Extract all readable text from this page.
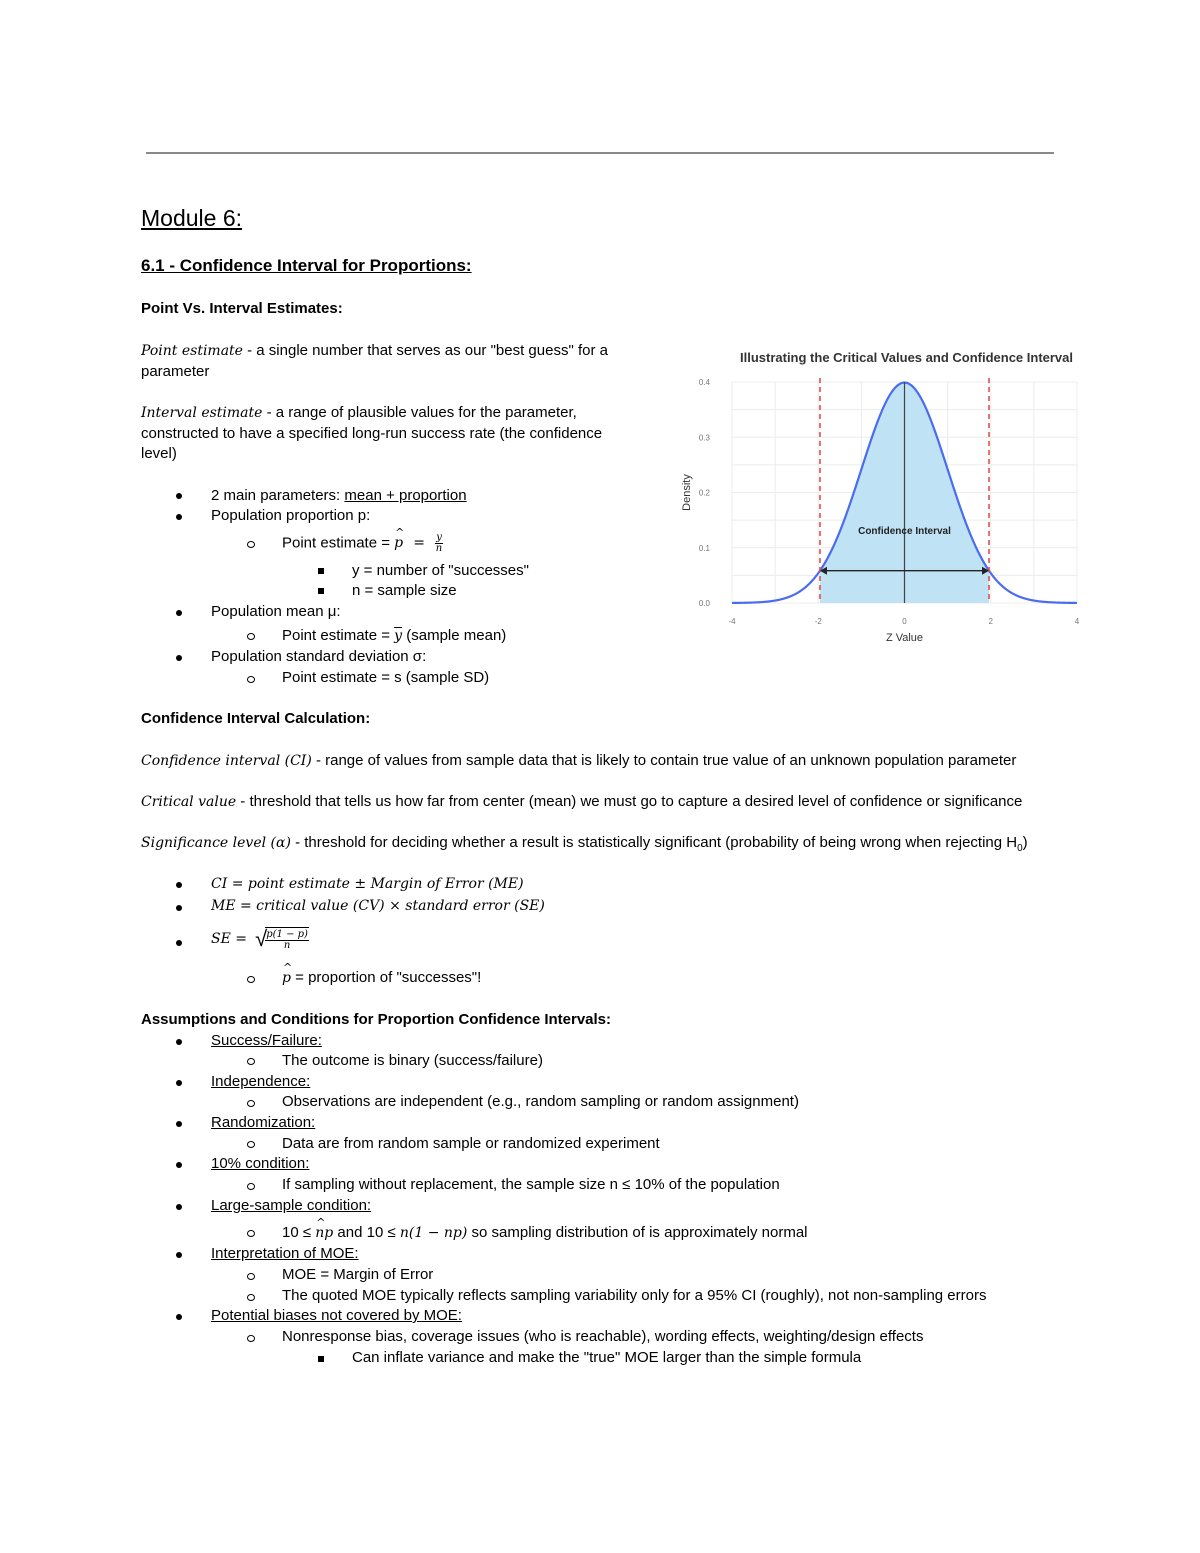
Module 6:
6.1 - Confidence Interval for Proportions:
Point Vs. Interval Estimates:
Point estimate - a single number that serves as our "best guess" for a
parameter
Interval estimate - a range of plausible values for the parameter,
constructed to have a specified long-run success rate (the confidence
level)
2 main parameters: mean + proportion
Population proportion p:
Point estimate = ^ $p = \frac{y}{n}$
y = number of "successes"
n = sample size
Population mean μ:
Point estimate = $\overline{y}$ (sample mean)
Population standard deviation σ:
Point estimate = s (sample SD)
Confidence Interval
Illustrating the Critical Values and Confidence Interval
0.0
0.1
0.2
0.3
0.4
-4	-2	0	2	4
Z Value
Density
Confidence Interval Calculation:
Confidence interval (CI) - range of values from sample data that is likely to contain true value of an unknown population parameter
Critical value - threshold that tells us how far from center (mean) we must go to capture a desired level of confidence or significance
Significance level (α) - threshold for deciding whether a result is statistically significant (probability of being wrong when rejecting $H_0$)
CI = point estimate ± Margin of Error (ME)
ME = critical value (CV) × standard error (SE)
SE = √
$\frac{p(1 - p)}{n}$
^ p = proportion of "successes"!
Assumptions and Conditions for Proportion Confidence Intervals:
Success/Failure:
The outcome is binary (success/failure)
Independence:
Observations are independent (e.g., random sampling or random assignment)
Randomization:
Data are from random sample or randomized experiment
10% condition:
If sampling without replacement, the sample size n ≤ 10% of the population
Large-sample condition:
10 ≤ ^ np and 10 ≤ n(1 − np) so sampling distribution of is approximately normal
Interpretation of MOE:
MOE = Margin of Error
The quoted MOE typically reflects sampling variability only for a 95% CI (roughly), not non-sampling errors
Potential biases not covered by MOE:
Nonresponse bias, coverage issues (who is reachable), wording effects, weighting/design effects
Can inflate variance and make the "true" MOE larger than the simple formula
